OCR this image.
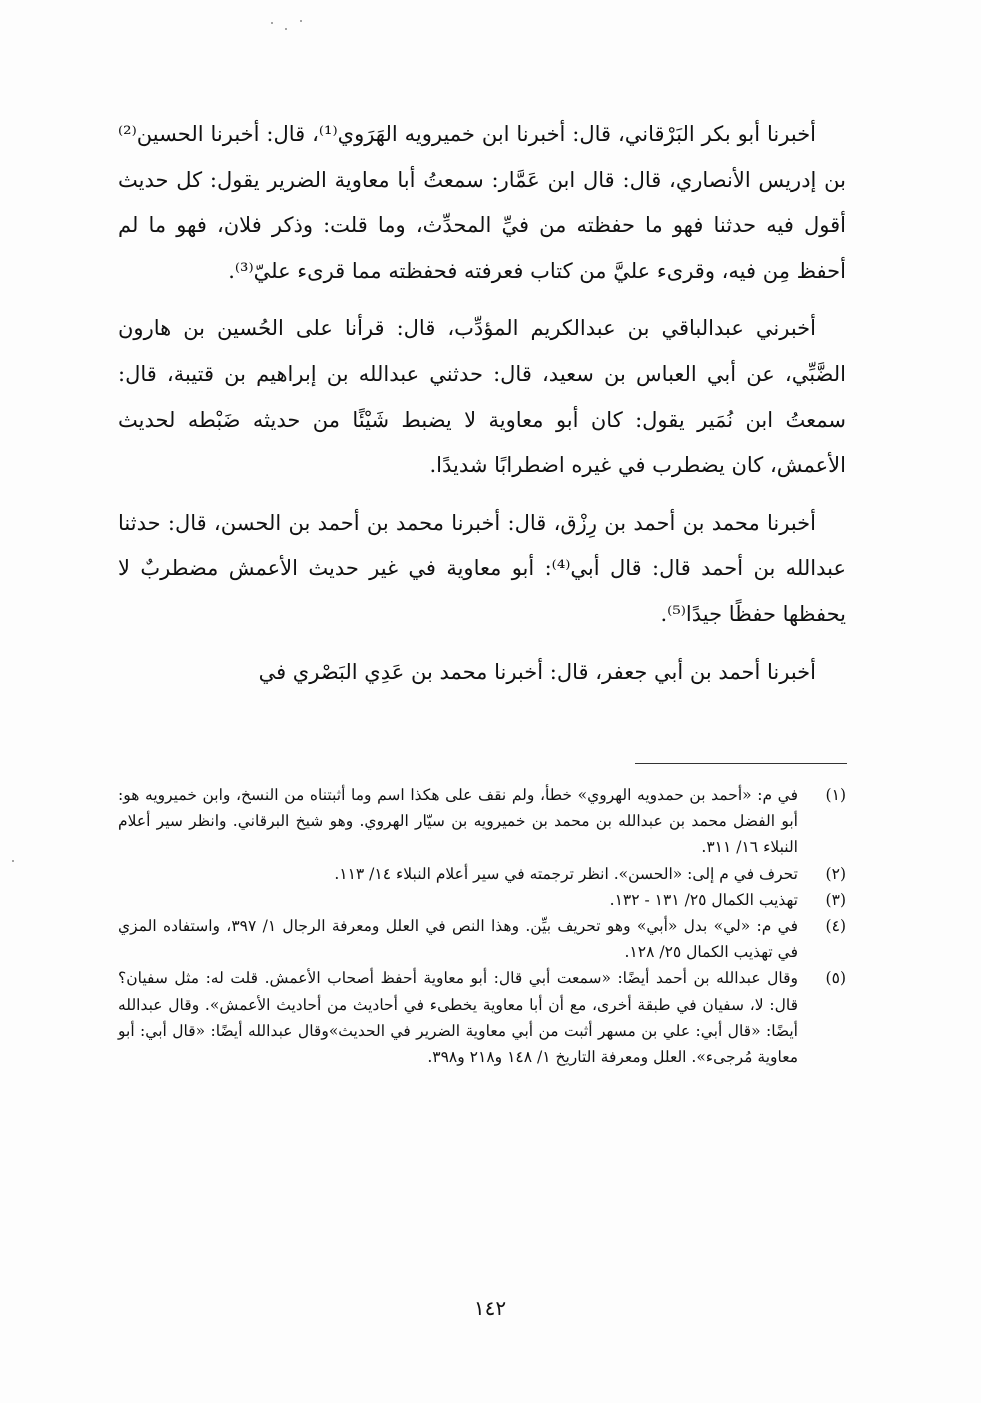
أخبرنا أبو بكر البَرْقاني، قال: أخبرنا ابن خميرويه الهَرَوي⁽¹⁾، قال: أخبرنا الحسين⁽²⁾ بن إدريس الأنصاري، قال: قال ابن عَمَّار: سمعتُ أبا معاوية الضرير يقول: كل حديث أقول فيه حدثنا فهو ما حفظته من فيِّ المحدِّث، وما قلت: وذكر فلان، فهو ما لم أحفظ مِن فيه، وقرىء عليَّ من كتاب فعرفته فحفظته مما قرىء عليّ⁽³⁾.

أخبرني عبدالباقي بن عبدالكريم المؤدِّب، قال: قرأنا على الحُسين بن هارون الضَّبِّي، عن أبي العباس بن سعيد، قال: حدثني عبدالله بن إبراهيم بن قتيبة، قال: سمعتُ ابن نُمَير يقول: كان أبو معاوية لا يضبط شَيْئًا من حديثه ضَبْطه لحديث الأعمش، كان يضطرب في غيره اضطرابًا شديدًا.

أخبرنا محمد بن أحمد بن رِزْق، قال: أخبرنا محمد بن أحمد بن الحسن، قال: حدثنا عبدالله بن أحمد قال: قال أبي⁽⁴⁾: أبو معاوية في غير حديث الأعمش مضطربٌ لا يحفظها حفظًا جيدًا⁽⁵⁾.

أخبرنا أحمد بن أبي جعفر، قال: أخبرنا محمد بن عَدِي البَصْري في

(١)
في م: «أحمد بن حمدويه الهروي» خطأ، ولم نقف على هكذا اسم وما أثبتناه من النسخ، وابن خميرويه هو: أبو الفضل محمد بن عبدالله بن محمد بن خميرويه بن سيّار الهروي. وهو شيخ البرقاني. وانظر سير أعلام النبلاء ١٦/ ٣١١.
(٢)
تحرف في م إلى: «الحسن». انظر ترجمته في سير أعلام النبلاء ١٤/ ١١٣.
(٣)
تهذيب الكمال ٢٥/ ١٣١ - ١٣٢.
(٤)
في م: «لي» بدل «أبي» وهو تحريف بيِّن. وهذا النص في العلل ومعرفة الرجال ١/ ٣٩٧، واستفاده المزي في تهذيب الكمال ٢٥/ ١٢٨.
(٥)
وقال عبدالله بن أحمد أيضًا: «سمعت أبي قال: أبو معاوية أحفظ أصحاب الأعمش. قلت له: مثل سفيان؟ قال: لا، سفيان في طبقة أخرى، مع أن أبا معاوية يخطىء في أحاديث من أحاديث الأعمش». وقال عبدالله أيضًا: «قال أبي: علي بن مسهر أثبت من أبي معاوية الضرير في الحديث»وقال عبدالله أيضًا: «قال أبي: أبو معاوية مُرجىء». العلل ومعرفة التاريخ ١/ ١٤٨ و٢١٨ و٣٩٨.
١٤٢
